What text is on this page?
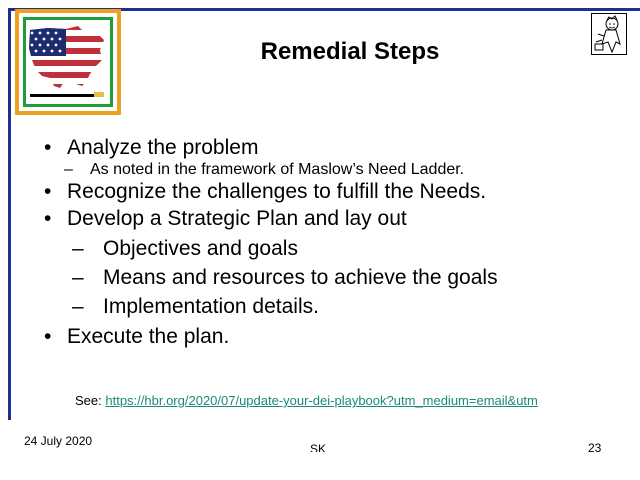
Remedial Steps
• Analyze the problem
– As noted in the framework of Maslow’s Need Ladder.
• Recognize the challenges to fulfill the Needs.
• Develop a Strategic Plan and lay out
– Objectives and goals
– Means and resources to achieve the goals
– Implementation details.
• Execute the plan.
See: https://hbr.org/2020/07/update-your-dei-playbook?utm_medium=email&utm
24 July 2020
SK	23
